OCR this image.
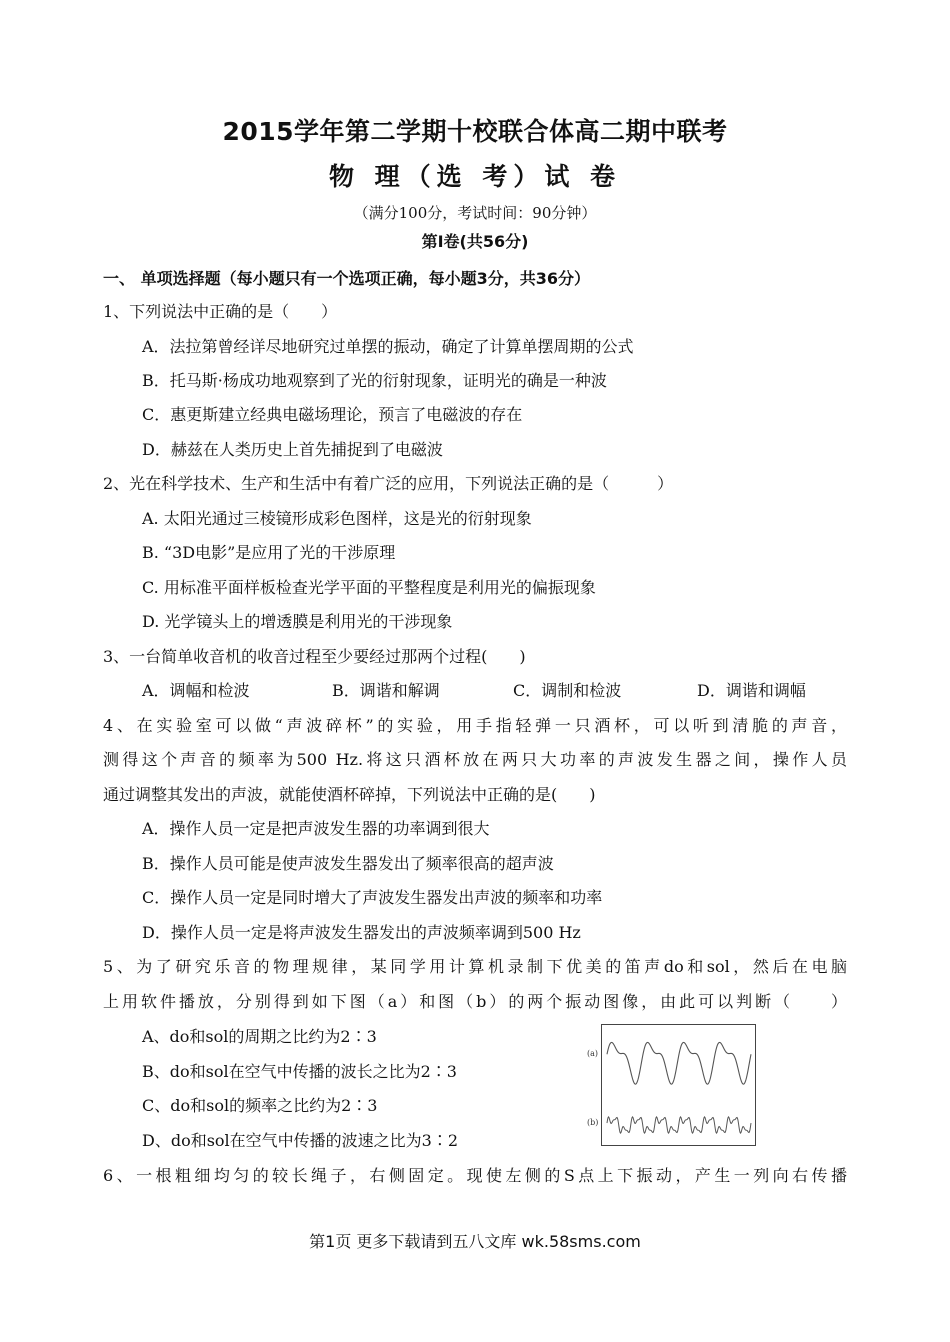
2015学年第二学期十校联合体高二期中联考
物 理（选 考）试 卷
（满分100分，考试时间：90分钟）
第Ⅰ卷(共56分)
一、 单项选择题（每小题只有一个选项正确，每小题3分，共36分）
1、下列说法中正确的是（　　）
A．法拉第曾经详尽地研究过单摆的振动，确定了计算单摆周期的公式
B．托马斯·杨成功地观察到了光的衍射现象，证明光的确是一种波
C．惠更斯建立经典电磁场理论，预言了电磁波的存在
D．赫兹在人类历史上首先捕捉到了电磁波
2、光在科学技术、生产和生活中有着广泛的应用，下列说法正确的是（　　　）
A. 太阳光通过三棱镜形成彩色图样，这是光的衍射现象
B. “3D电影”是应用了光的干涉原理
C. 用标准平面样板检查光学平面的平整程度是利用光的偏振现象
D. 光学镜头上的增透膜是利用光的干涉现象
3、一台简单收音机的收音过程至少要经过那两个过程(　　)
A．调幅和检波	B．调谐和解调	C．调制和检波	D．调谐和调幅
4、在实验室可以做“声波碎杯”的实验，用手指轻弹一只酒杯，可以听到清脆的声音，
测得这个声音的频率为500 Hz.将这只酒杯放在两只大功率的声波发生器之间，操作人员
通过调整其发出的声波，就能使酒杯碎掉，下列说法中正确的是(　　)
A．操作人员一定是把声波发生器的功率调到很大
B．操作人员可能是使声波发生器发出了频率很高的超声波
C．操作人员一定是同时增大了声波发生器发出声波的频率和功率
D．操作人员一定是将声波发生器发出的声波频率调到500 Hz
5、为了研究乐音的物理规律，某同学用计算机录制下优美的笛声do和sol，然后在电脑
上用软件播放，分别得到如下图（a）和图（b）的两个振动图像，由此可以判断（　　）
A、do和sol的周期之比约为2∶3
B、do和sol在空气中传播的波长之比为2∶3
C、do和sol的频率之比约为2∶3
D、do和sol在空气中传播的波速之比为3∶2
(a)
(b)
6、一根粗细均匀的较长绳子，右侧固定。现使左侧的S点上下振动，产生一列向右传播
第1页 更多下载请到五八文库 wk.58sms.com
